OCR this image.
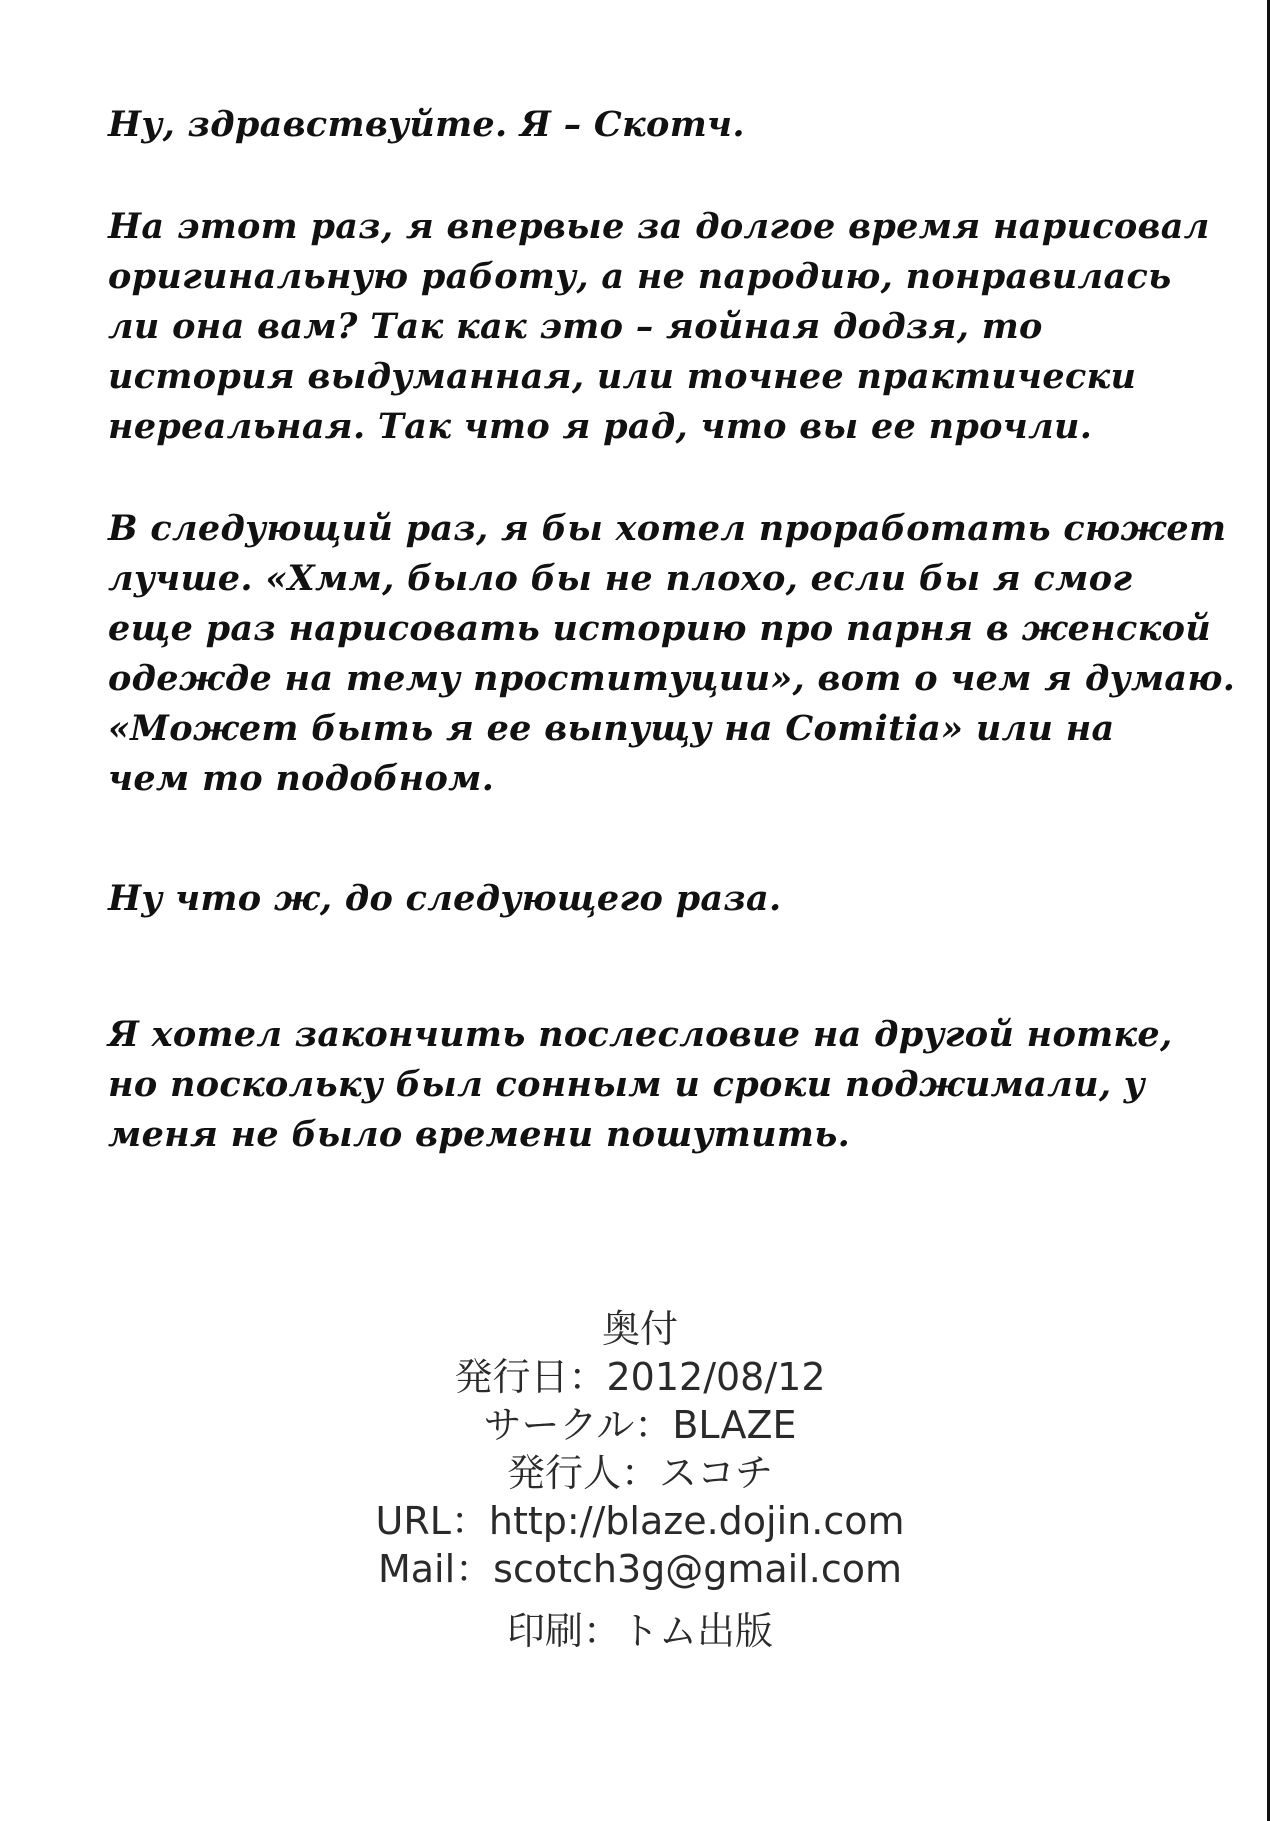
Ну, здравствуйте. Я – Скотч.

На этот раз, я впервые за долгое время нарисовал
оригинальную работу, а не пародию, понравилась
ли она вам? Так как это – яойная додзя, то
история выдуманная, или точнее практически
нереальная. Так что я рад, что вы ее прочли.

В следующий раз, я бы хотел проработать сюжет
лучше. «Хмм, было бы не плохо, если бы я смог
еще раз нарисовать историю про парня в женской
одежде на тему проституции», вот о чем я думаю.
«Может быть я ее выпущу на Comitia» или на
чем то подобном.

Ну что ж, до следующего раза.

Я хотел закончить послесловие на другой нотке,
но поскольку был сонным и сроки поджимали, у
меня не было времени пошутить.

奥付
発行日：2012/08/12
サークル：BLAZE
発行人：スコチ
URL：http://blaze.dojin.com
Mail：scotch3g@gmail.com
印刷：トム出版
